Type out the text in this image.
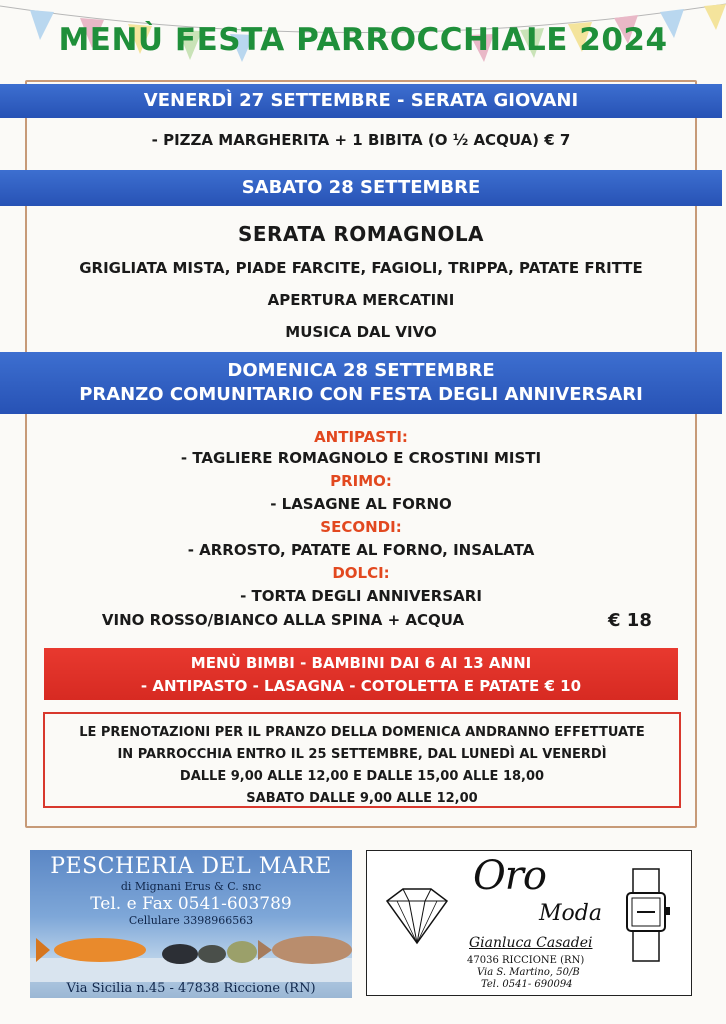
MENÙ FESTA PARROCCHIALE 2024
VENERDÌ 27 SETTEMBRE - SERATA GIOVANI
- PIZZA MARGHERITA + 1 BIBITA (O ½ ACQUA) € 7
SABATO 28 SETTEMBRE
SERATA ROMAGNOLA
GRIGLIATA MISTA, PIADE FARCITE, FAGIOLI, TRIPPA, PATATE FRITTE
APERTURA MERCATINI
MUSICA DAL VIVO
DOMENICA 28 SETTEMBRE
PRANZO COMUNITARIO CON FESTA DEGLI ANNIVERSARI
ANTIPASTI:
- TAGLIERE ROMAGNOLO E CROSTINI MISTI
PRIMO:
- LASAGNE AL FORNO
SECONDI:
- ARROSTO, PATATE AL FORNO, INSALATA
DOLCI:
- TORTA DEGLI ANNIVERSARI
VINO ROSSO/BIANCO ALLA SPINA + ACQUA	€ 18
MENÙ BIMBI - BAMBINI DAI 6 AI 13 ANNI
- ANTIPASTO - LASAGNA - COTOLETTA E PATATE € 10
LE PRENOTAZIONI PER IL PRANZO DELLA DOMENICA ANDRANNO EFFETTUATE
IN PARROCCHIA ENTRO IL 25 SETTEMBRE, DAL LUNEDÌ AL VENERDÌ
DALLE 9,00 ALLE 12,00 E DALLE 15,00 ALLE 18,00
SABATO DALLE 9,00 ALLE 12,00
PESCHERIA DEL MARE
di Mignani Erus & C. snc
Tel. e Fax 0541-603789
Cellulare 3398966563
Via Sicilia n.45 - 47838 Riccione (RN)
Oro
Moda
Gianluca Casadei
47036 RICCIONE (RN)
Via S. Martino, 50/B
Tel. 0541- 690094
